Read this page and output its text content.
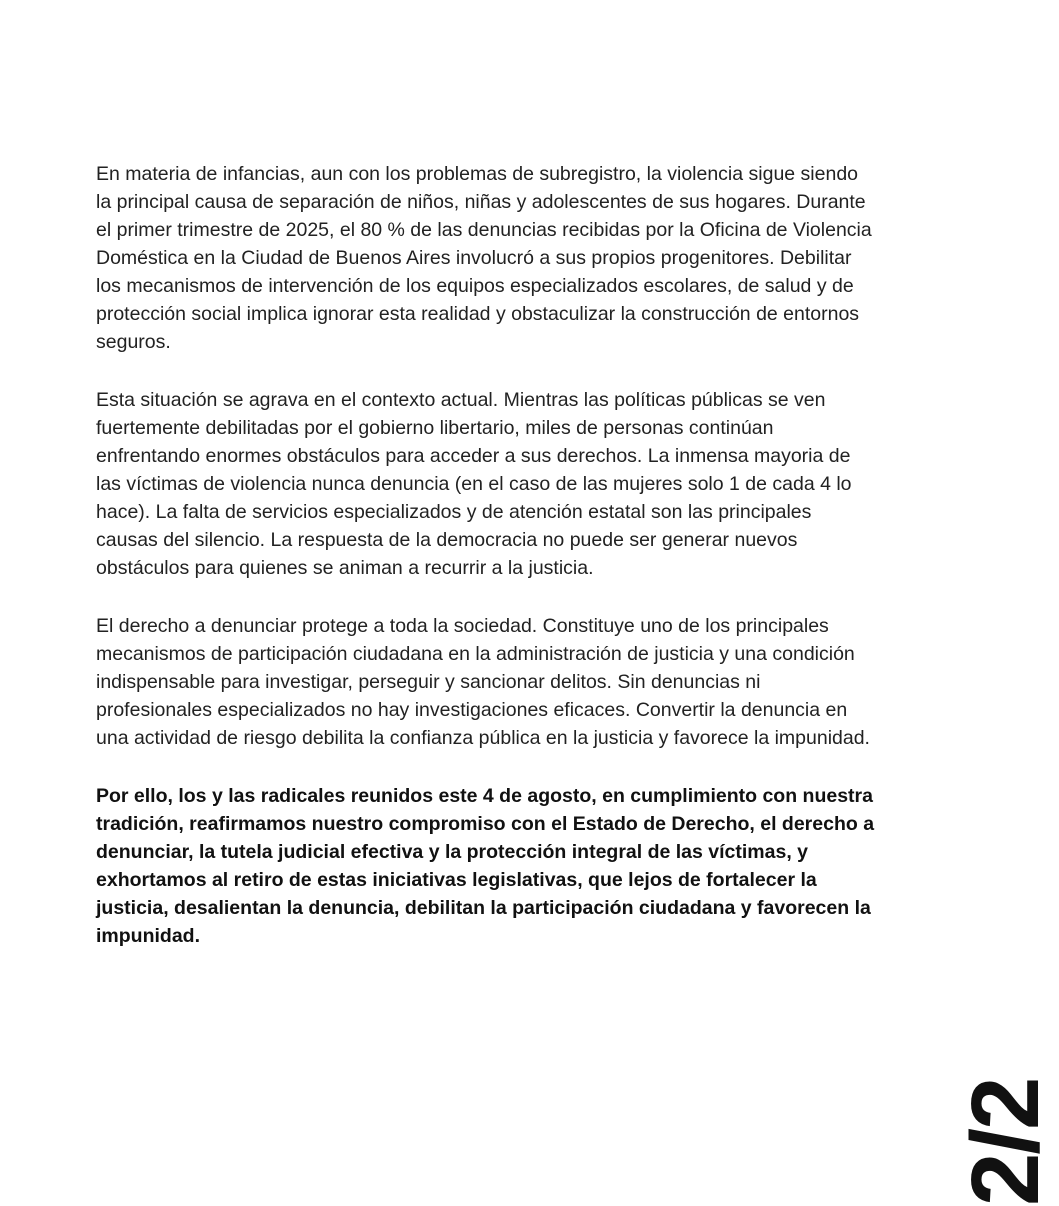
En materia de infancias, aun con los problemas de subregistro, la violencia sigue siendo la principal causa de separación de niños, niñas y adolescentes de sus hogares. Durante el primer trimestre de 2025, el 80 % de las denuncias recibidas por la Oficina de Violencia Doméstica en la Ciudad de Buenos Aires involucró a sus propios progenitores. Debilitar los mecanismos de intervención de los equipos especializados escolares, de salud y de protección social implica ignorar esta realidad y obstaculizar la construcción de entornos seguros.

Esta situación se agrava en el contexto actual. Mientras las políticas públicas se ven fuertemente debilitadas por el gobierno libertario, miles de personas continúan enfrentando enormes obstáculos para acceder a sus derechos. La inmensa mayoria de las víctimas de violencia nunca denuncia (en el caso de las mujeres solo 1 de cada 4 lo hace). La falta de servicios especializados y de atención estatal son las principales causas del silencio. La respuesta de la democracia no puede ser generar nuevos obstáculos para quienes se animan a recurrir a la justicia.

El derecho a denunciar protege a toda la sociedad. Constituye uno de los principales mecanismos de participación ciudadana en la administración de justicia y una condición indispensable para investigar, perseguir y sancionar delitos. Sin denuncias ni profesionales especializados no hay investigaciones eficaces. Convertir la denuncia en una actividad de riesgo debilita la confianza pública en la justicia y favorece la impunidad.

Por ello, los y las radicales reunidos este 4 de agosto, en cumplimiento con nuestra tradición, reafirmamos nuestro compromiso con el Estado de Derecho, el derecho a denunciar, la tutela judicial efectiva y la protección integral de las víctimas, y exhortamos al retiro de estas iniciativas legislativas, que lejos de fortalecer la justicia, desalientan la denuncia, debilitan la participación ciudadana y favorecen la impunidad.

2/2
